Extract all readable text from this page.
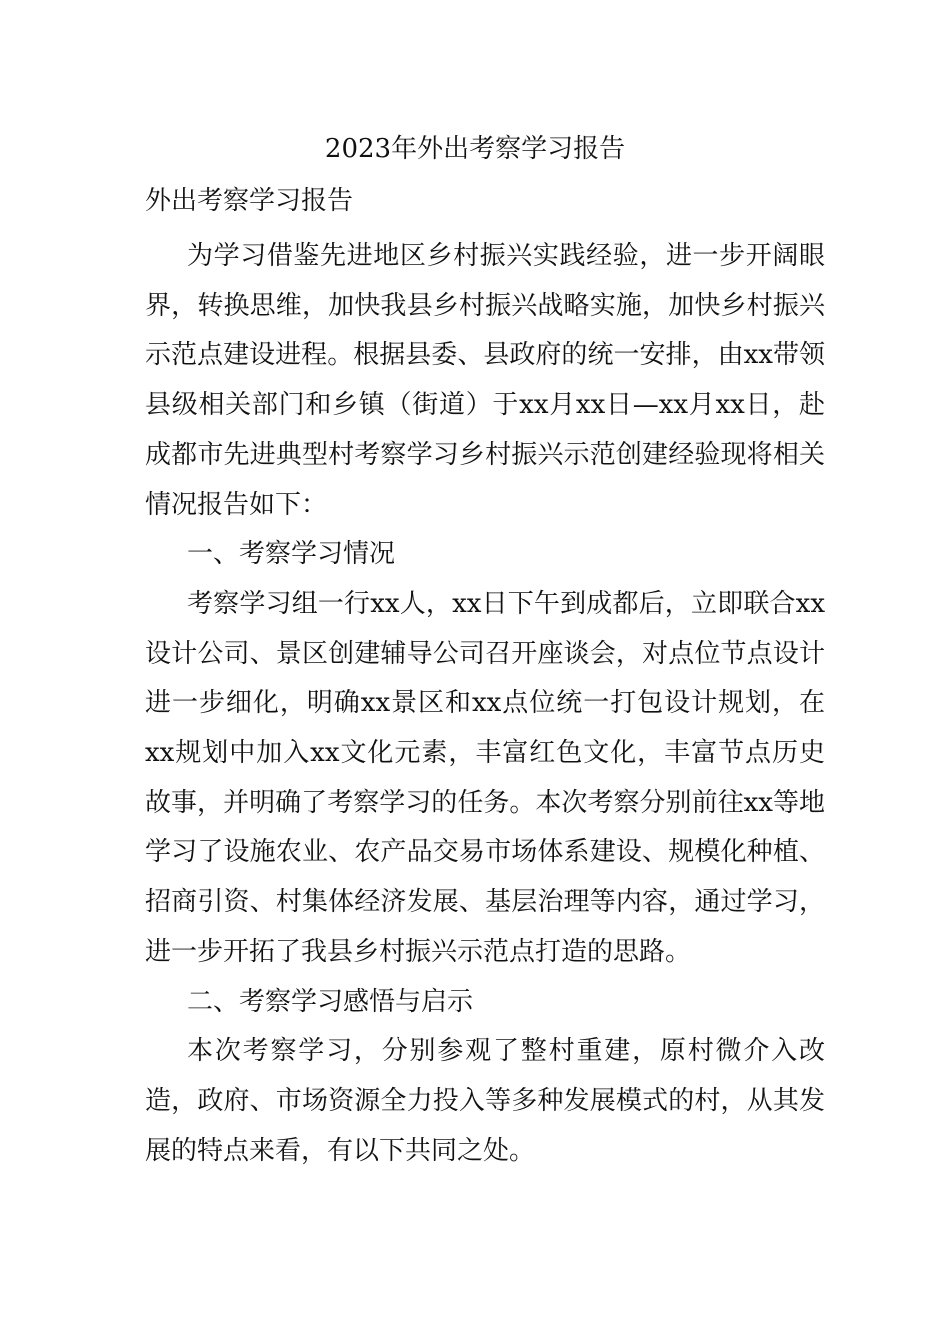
2023年外出考察学习报告
外出考察学习报告

为学习借鉴先进地区乡村振兴实践经验，进一步开阔眼界，转换思维，加快我县乡村振兴战略实施，加快乡村振兴示范点建设进程。根据县委、县政府的统一安排，由xx带领县级相关部门和乡镇（街道）于xx月xx日—xx月xx日，赴成都市先进典型村考察学习乡村振兴示范创建经验现将相关情况报告如下：

一、考察学习情况

考察学习组一行xx人，xx日下午到成都后，立即联合xx设计公司、景区创建辅导公司召开座谈会，对点位节点设计进一步细化，明确xx景区和xx点位统一打包设计规划，在xx规划中加入xx文化元素，丰富红色文化，丰富节点历史故事，并明确了考察学习的任务。本次考察分别前往xx等地学习了设施农业、农产品交易市场体系建设、规模化种植、招商引资、村集体经济发展、基层治理等内容，通过学习，进一步开拓了我县乡村振兴示范点打造的思路。

二、考察学习感悟与启示

本次考察学习，分别参观了整村重建，原村微介入改造，政府、市场资源全力投入等多种发展模式的村，从其发展的特点来看，有以下共同之处。
